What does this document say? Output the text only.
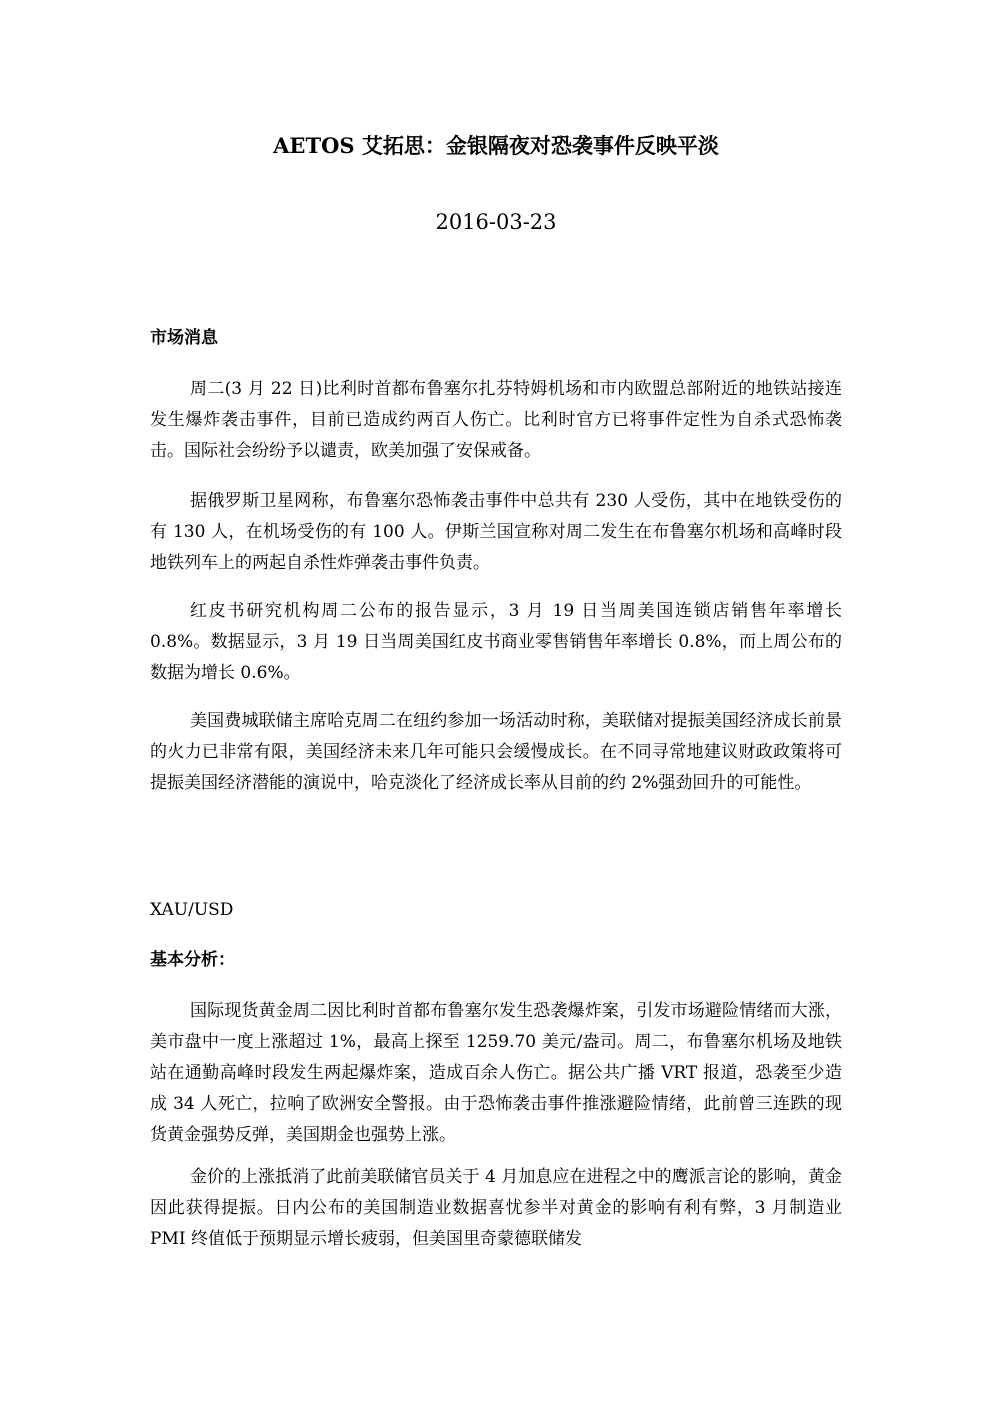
AETOS 艾拓思：金银隔夜对恐袭事件反映平淡
2016-03-23
市场消息

周二(3 月 22 日)比利时首都布鲁塞尔扎芬特姆机场和市内欧盟总部附近的地铁站接连发生爆炸袭击事件，目前已造成约两百人伤亡。比利时官方已将事件定性为自杀式恐怖袭击。国际社会纷纷予以谴责，欧美加强了安保戒备。

据俄罗斯卫星网称，布鲁塞尔恐怖袭击事件中总共有 230 人受伤，其中在地铁受伤的有 130 人，在机场受伤的有 100 人。伊斯兰国宣称对周二发生在布鲁塞尔机场和高峰时段地铁列车上的两起自杀性炸弹袭击事件负责。

红皮书研究机构周二公布的报告显示，3 月 19 日当周美国连锁店销售年率增长 0.8%。数据显示，3 月 19 日当周美国红皮书商业零售销售年率增长 0.8%，而上周公布的数据为增长 0.6%。

美国费城联储主席哈克周二在纽约参加一场活动时称，美联储对提振美国经济成长前景的火力已非常有限，美国经济未来几年可能只会缓慢成长。在不同寻常地建议财政政策将可提振美国经济潜能的演说中，哈克淡化了经济成长率从目前的约 2%强劲回升的可能性。

XAU/USD
基本分析：

国际现货黄金周二因比利时首都布鲁塞尔发生恐袭爆炸案，引发市场避险情绪而大涨，美市盘中一度上涨超过 1%，最高上探至 1259.70 美元/盎司。周二，布鲁塞尔机场及地铁站在通勤高峰时段发生两起爆炸案，造成百余人伤亡。据公共广播 VRT 报道，恐袭至少造成 34 人死亡，拉响了欧洲安全警报。由于恐怖袭击事件推涨避险情绪，此前曾三连跌的现货黄金强势反弹，美国期金也强势上涨。

金价的上涨抵消了此前美联储官员关于 4 月加息应在进程之中的鹰派言论的影响，黄金因此获得提振。日内公布的美国制造业数据喜忧参半对黄金的影响有利有弊，3 月制造业 PMI 终值低于预期显示增长疲弱，但美国里奇蒙德联储发
